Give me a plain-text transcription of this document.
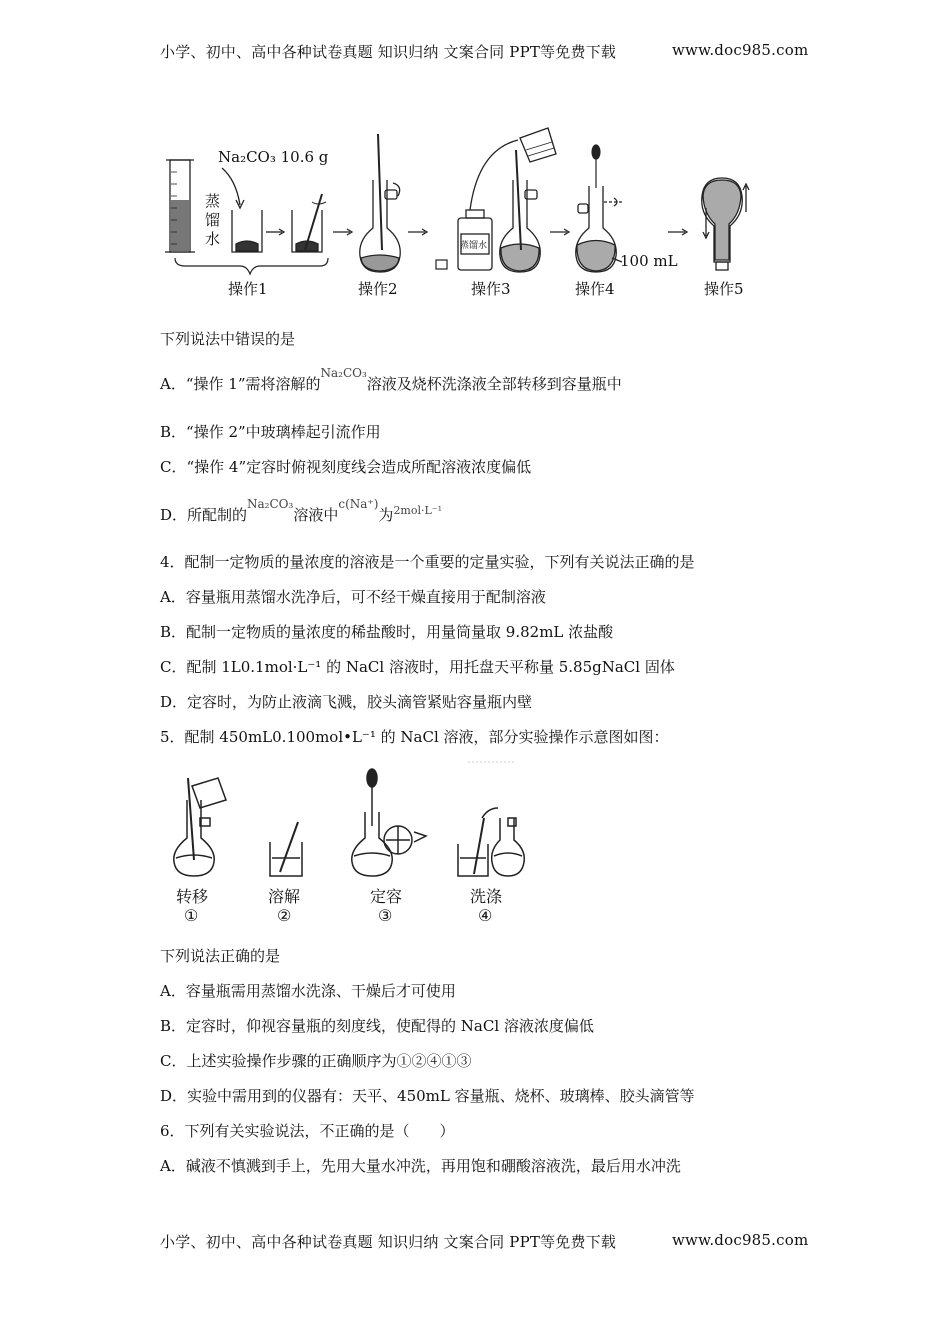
小学、初中、高中各种试卷真题 知识归纳 文案合同 PPT等免费下载	www.doc985.com
Na₂CO₃ 10.6 g
蒸
馏
水	蒸馏水
100 mL
操作1	操作2	操作3	操作4	操作5
下列说法中错误的是
A．“操作 1”需将溶解的$^{Na_2CO_3}$溶液及烧杯洗涤液全部转移到容量瓶中
B．“操作 2”中玻璃棒起引流作用
C．“操作 4”定容时俯视刻度线会造成所配溶液浓度偏低
D．所配制的$^{Na_2CO_3}$溶液中$^{c(Na^+)}$为$^{2mol\cdot L^{-1}}$
4．配制一定物质的量浓度的溶液是一个重要的定量实验，下列有关说法正确的是
A．容量瓶用蒸馏水洗净后，可不经干燥直接用于配制溶液
B．配制一定物质的量浓度的稀盐酸时，用量筒量取 9.82mL 浓盐酸
C．配制 1L0.1mol·L⁻¹ 的 NaCl 溶液时，用托盘天平称量 5.85gNaCl 固体
D．定容时，为防止液滴飞溅，胶头滴管紧贴容量瓶内壁
5．配制 450mL0.100mol•L⁻¹ 的 NaCl 溶液，部分实验操作示意图如图：
转移	溶解	定容	洗涤
①	②	③	④
下列说法正确的是
A．容量瓶需用蒸馏水洗涤、干燥后才可使用
B．定容时，仰视容量瓶的刻度线，使配得的 NaCl 溶液浓度偏低
C．上述实验操作步骤的正确顺序为①②④①③
D．实验中需用到的仪器有：天平、450mL 容量瓶、烧杯、玻璃棒、胶头滴管等
6．下列有关实验说法，不正确的是（　　）
A．碱液不慎溅到手上，先用大量水冲洗，再用饱和硼酸溶液洗，最后用水冲洗
小学、初中、高中各种试卷真题 知识归纳 文案合同 PPT等免费下载	www.doc985.com
